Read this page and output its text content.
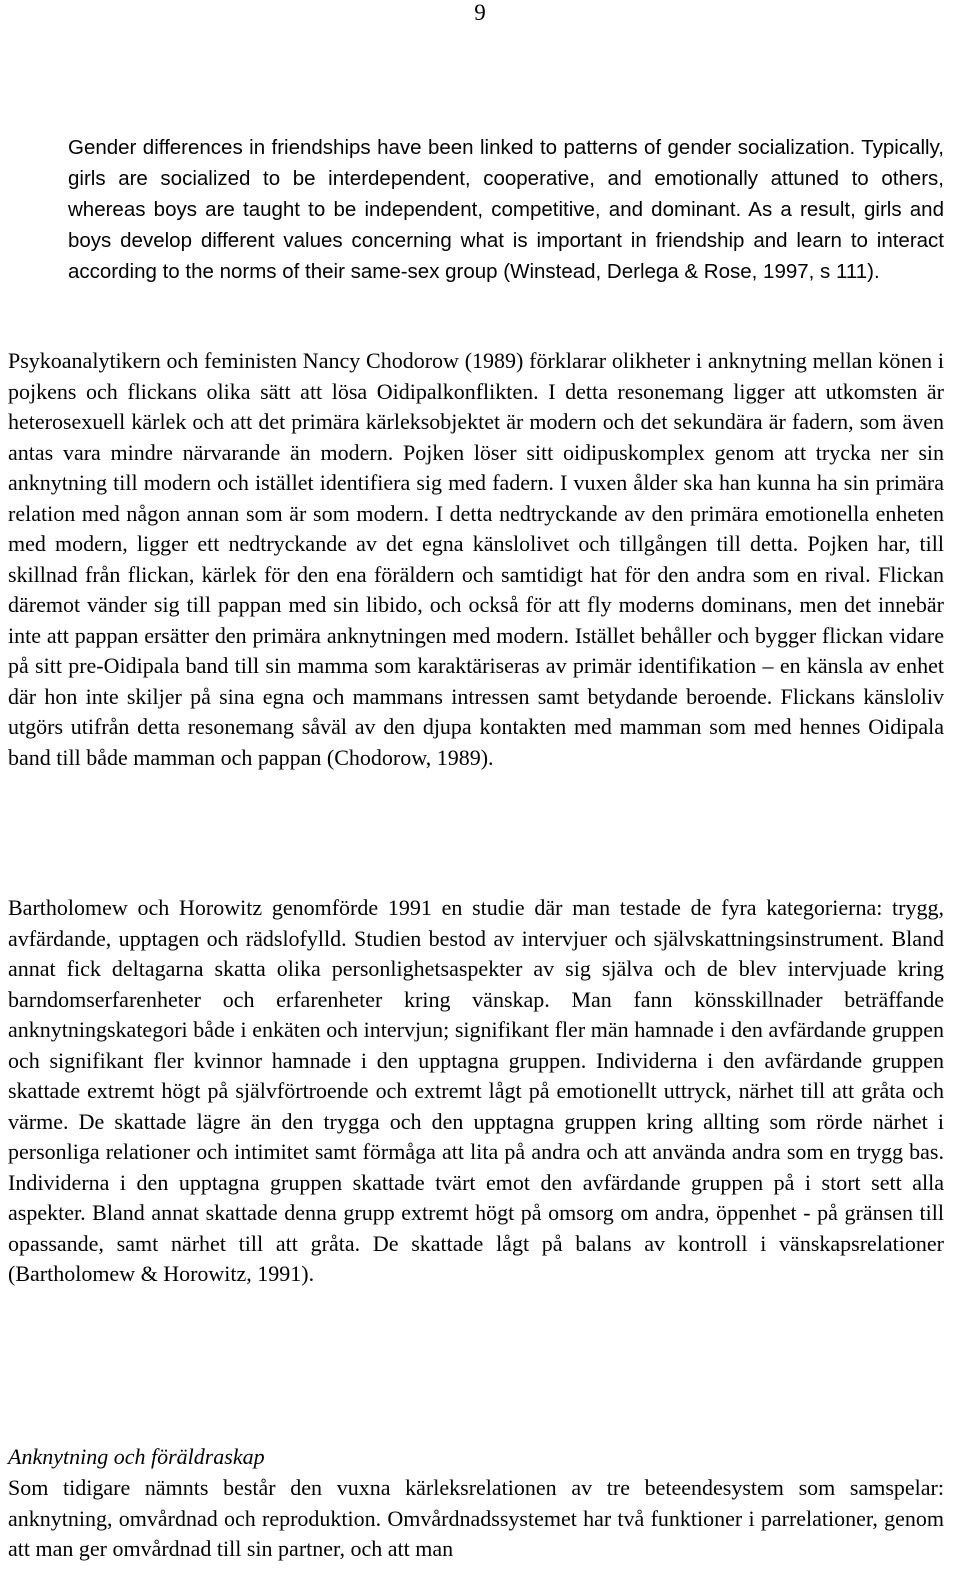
9

Gender differences in friendships have been linked to patterns of gender socialization. Typically, girls are socialized to be interdependent, cooperative, and emotionally attuned to others, whereas boys are taught to be independent, competitive, and dominant. As a result, girls and boys develop different values concerning what is important in friendship and learn to interact according to the norms of their same-sex group (Winstead, Derlega & Rose, 1997, s 111).

Psykoanalytikern och feministen Nancy Chodorow (1989) förklarar olikheter i anknytning mellan könen i pojkens och flickans olika sätt att lösa Oidipalkonflikten. I detta resonemang ligger att utkomsten är heterosexuell kärlek och att det primära kärleksobjektet är modern och det sekundära är fadern, som även antas vara mindre närvarande än modern. Pojken löser sitt oidipuskomplex genom att trycka ner sin anknytning till modern och istället identifiera sig med fadern. I vuxen ålder ska han kunna ha sin primära relation med någon annan som är som modern. I detta nedtryckande av den primära emotionella enheten med modern, ligger ett nedtryckande av det egna känslolivet och tillgången till detta. Pojken har, till skillnad från flickan, kärlek för den ena föräldern och samtidigt hat för den andra som en rival. Flickan däremot vänder sig till pappan med sin libido, och också för att fly moderns dominans, men det innebär inte att pappan ersätter den primära anknytningen med modern. Istället behåller och bygger flickan vidare på sitt pre-Oidipala band till sin mamma som karaktäriseras av primär identifikation – en känsla av enhet där hon inte skiljer på sina egna och mammans intressen samt betydande beroende. Flickans känsloliv utgörs utifrån detta resonemang såväl av den djupa kontakten med mamman som med hennes Oidipala band till både mamman och pappan (Chodorow, 1989).

Bartholomew och Horowitz genomförde 1991 en studie där man testade de fyra kategorierna: trygg, avfärdande, upptagen och rädslofylld. Studien bestod av intervjuer och självskattningsinstrument. Bland annat fick deltagarna skatta olika personlighetsaspekter av sig själva och de blev intervjuade kring barndomserfarenheter och erfarenheter kring vänskap. Man fann könsskillnader beträffande anknytningskategori både i enkäten och intervjun; signifikant fler män hamnade i den avfärdande gruppen och signifikant fler kvinnor hamnade i den upptagna gruppen. Individerna i den avfärdande gruppen skattade extremt högt på självförtroende och extremt lågt på emotionellt uttryck, närhet till att gråta och värme. De skattade lägre än den trygga och den upptagna gruppen kring allting som rörde närhet i personliga relationer och intimitet samt förmåga att lita på andra och att använda andra som en trygg bas. Individerna i den upptagna gruppen skattade tvärt emot den avfärdande gruppen på i stort sett alla aspekter. Bland annat skattade denna grupp extremt högt på omsorg om andra, öppenhet - på gränsen till opassande, samt närhet till att gråta. De skattade lågt på balans av kontroll i vänskapsrelationer (Bartholomew & Horowitz, 1991).

Anknytning och föräldraskap

Som tidigare nämnts består den vuxna kärleksrelationen av tre beteendesystem som samspelar: anknytning, omvårdnad och reproduktion. Omvårdnadssystemet har två funktioner i parrelationer, genom att man ger omvårdnad till sin partner, och att man
